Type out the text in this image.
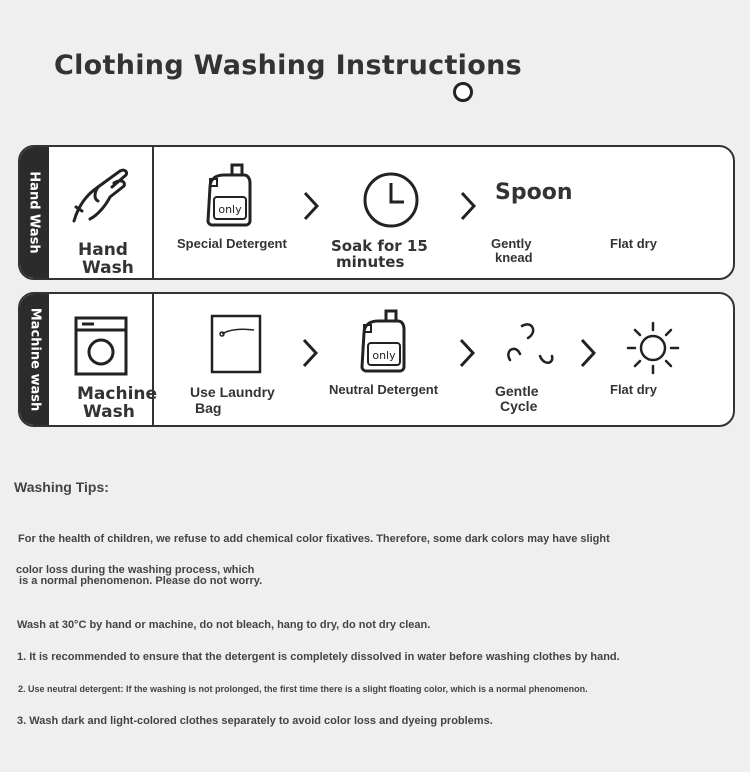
Clothing Washing Instructions
Hand Wash Hand
Wash
only
Special Detergent	Soak for 15
minutes
Spoon
Gently
knead
Flat dry
Machine wash Machine
Wash
Use Laundry
Bag
only
Neutral Detergent	Gentle
Cycle
Flat dry
Washing Tips:
For the health of children, we refuse to add chemical color fixatives. Therefore, some dark colors may have slight
color loss during the washing process, which
is a normal phenomenon. Please do not worry.
Wash at 30°C by hand or machine, do not bleach, hang to dry, do not dry clean.
1. It is recommended to ensure that the detergent is completely dissolved in water before washing clothes by hand.
2. Use neutral detergent: If the washing is not prolonged, the first time there is a slight floating color, which is a normal phenomenon.
3. Wash dark and light-colored clothes separately to avoid color loss and dyeing problems.
